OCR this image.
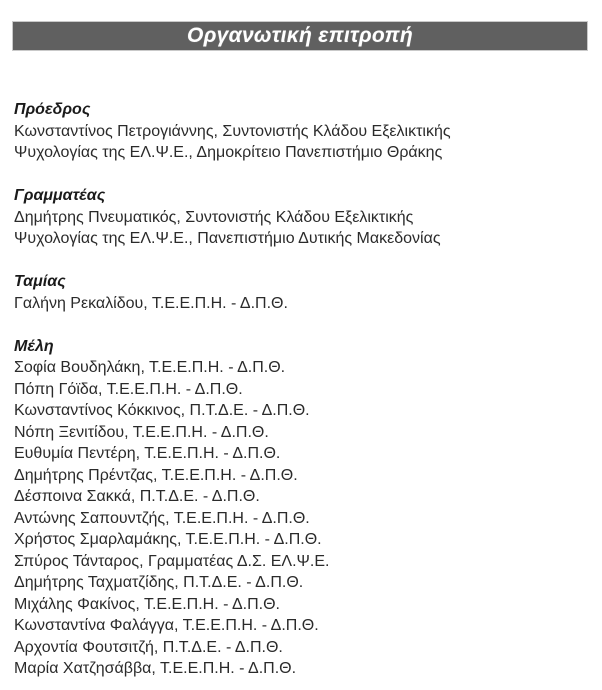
Οργανωτική επιτροπή
Πρόεδρος
Κωνσταντίνος Πετρογιάννης, Συντονιστής Κλάδου Εξελικτικής
Ψυχολογίας της ΕΛ.Ψ.Ε., Δημοκρίτειο Πανεπιστήμιο Θράκης
Γραμματέας
Δημήτρης Πνευματικός, Συντονιστής Κλάδου Εξελικτικής
Ψυχολογίας της ΕΛ.Ψ.Ε., Πανεπιστήμιο Δυτικής Μακεδονίας
Ταμίας
Γαλήνη Ρεκαλίδου, Τ.Ε.Ε.Π.Η. - Δ.Π.Θ.
Μέλη
Σοφία Βουδηλάκη, Τ.Ε.Ε.Π.Η. - Δ.Π.Θ.
Πόπη Γόϊδα, Τ.Ε.Ε.Π.Η. - Δ.Π.Θ.
Κωνσταντίνος Κόκκινος, Π.Τ.Δ.Ε. - Δ.Π.Θ.
Νόπη Ξενιτίδου, Τ.Ε.Ε.Π.Η. - Δ.Π.Θ.
Ευθυμία Πεντέρη, Τ.Ε.Ε.Π.Η. - Δ.Π.Θ.
Δημήτρης Πρέντζας, Τ.Ε.Ε.Π.Η. - Δ.Π.Θ.
Δέσποινα Σακκά, Π.Τ.Δ.Ε. - Δ.Π.Θ.
Αντώνης Σαπουντζής, Τ.Ε.Ε.Π.Η. - Δ.Π.Θ.
Χρήστος Σμαρλαμάκης, Τ.Ε.Ε.Π.Η. - Δ.Π.Θ.
Σπύρος Τάνταρος, Γραμματέας Δ.Σ. ΕΛ.Ψ.Ε.
Δημήτρης Ταχματζίδης, Π.Τ.Δ.Ε. - Δ.Π.Θ.
Μιχάλης Φακίνος, Τ.Ε.Ε.Π.Η. - Δ.Π.Θ.
Κωνσταντίνα Φαλάγγα, Τ.Ε.Ε.Π.Η. - Δ.Π.Θ.
Αρχοντία Φουτσιτζή, Π.Τ.Δ.Ε. - Δ.Π.Θ.
Μαρία Χατζησάββα, Τ.Ε.Ε.Π.Η. - Δ.Π.Θ.
